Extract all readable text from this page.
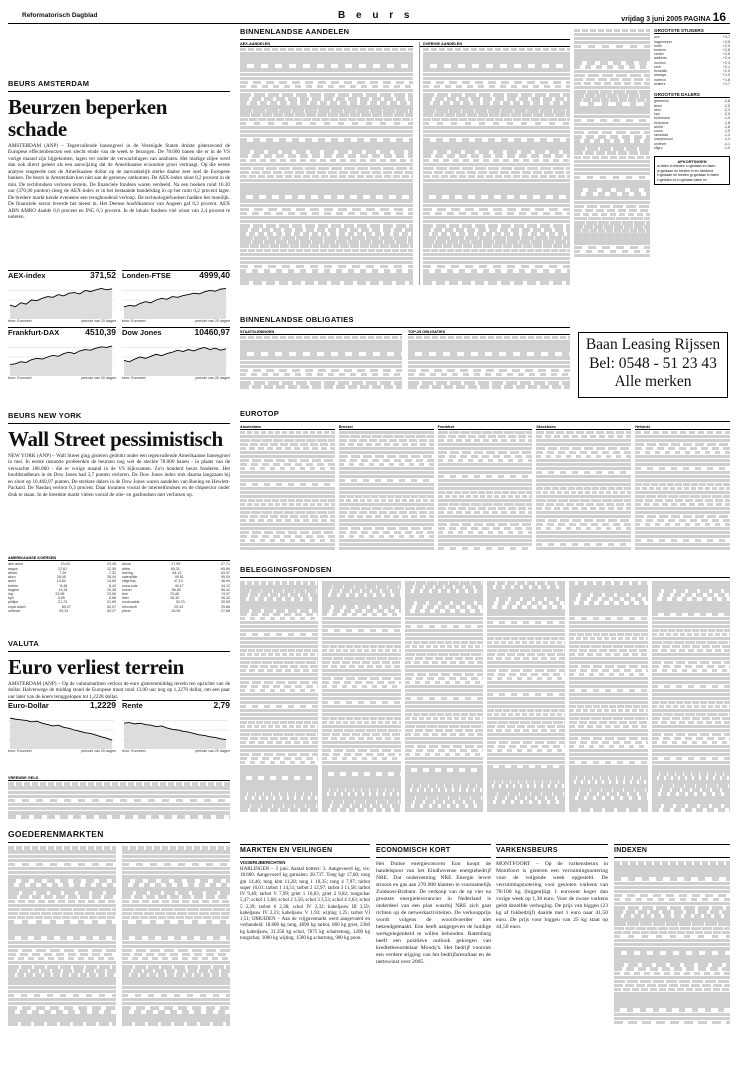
Reformatorisch Dagblad	B e u r s	vrijdag 3 juni 2005 PAGINA 16
BEURS AMSTERDAM
Beurzen beperken schade
AMSTERDAM (ANP) – Tegenvallende banengroei in de Verenigde Staten drukte gisteravond de Europese effectenbeurzen een slecht einde van de week te bezorgen. De 78.000 banen die er in de VS vorige maand zijn bijgekomen, lagen ver onder de verwachtingen van analisten. Het markge ziljee werd dan ook direct geleen als een aanwijzing dat de Amerikaanse economie groei vertraagt. Op die eerste analyse reageerde ook de Amerikaanse dollar op de aanvankelijk sterke daalse zeer snel de Europese banken. De beurs in Amsterdam kon niet aan de geroeuw ontkomen. De AEX-index sloot 0,2 procent in de min. De techfondsen verloren terrein. De financiele fondsen waren verdeeld. Na een hoeken rond 16.30 uur (370,40 punten) sloeg de AEX-index er in het bestaande handelsdag in op het ruim 0,2 procent lager. De bredere markt kende eveneens een terughoudend verloop. De technologiefondsen hadden het moeilijk. De financiele sector leverde het meest in. Het Deense hoofdkantoor van Angeen gaf 0,2 procent. AEX ABN AMRO daalde 0,6 procent en ING 0,3 procent. In de lokale fondsen viel winst van 2,4 procent te noteren.
AEX-index	371,52
bron: Euronext	periode van 20 dagen
Londen-FTSE	4999,40
bron: Euronext	periode van 20 dagen
Frankfurt-DAX	4510,39
bron: Euronext	periode van 20 dagen
Dow Jones	10460,97
bron: Euronext	periode van 20 dagen
BEURS NEW YORK
Wall Street pessimistisch
NEW YORK (ANP) – Wall Street ging gisteren gedrukt onder een tegenvallende Amerikaanse banengroei in mei. In eerste instantie probeerden de beurzen nog wel de slechte 78.000 banen - in plaats van de verwachte 186.000 - die er vorige maand in de VS bijkwamen. Zo'n honderd beurs fonderen. Het hoofdstadbeurs in de Dow Jones had 3,7 punten verloren. De Dow Jones index trok daarna langzaam bij en sloot op 10.460,97 punten. De sterkste dalers in de Dow Jones waren aandelen van Boeing en Hewlett-Packard. De Nasdaq verloor 0,3 procent. Daar kwamen vooral de internetfondsen en de chipsector onder druk te staan. In de breedste markt vielen vooral de olie- en gasfondsen met verliezen op.
AMERIKAANSE KOERSEN
abn amro	23,43	23,45
aegon	12,61	12,59
ahold	7,39	7,32
akzo	28,45	28,44
asml	14,83	14,89
buhrm	8,48	8,43
hagem	15,34	15,36
ing	23,98	23,96
kpn	6,85	6,86
philips	21,73	21,69
royal dutch	60,07	60,07
unilever	53,24	53,27
alcoa	27,95	27,71
altria	65,31	65,66
boeing	64,13	63,97
caterpillar	95,51	95,05
citigroup	47,10	46,94
coca-cola	44,17	44,12
exxon	56,60	56,44
ibm	75,48	74,97
intel	26,30	26,33
mcdonalds	30,70	30,55
microsoft	25,43	25,88
pfizer	28,05	27,88
VALUTA
Euro verliest terrein
AMSTERDAM (ANP) – Op de valutamarkten verloor de euro gisterenmiddag terrein ten opzichte van de dollar. Halverwege de middag stond de Europese munt rond 13.00 uur nog op 1,2270 dollar, om een paar uur later van de koers teruggelopen tot 1,2228 dollar.
Euro-Dollar	1,2229
bron: Euronext	periode van 20 dagen
Rente	2,79
bron: Euronext	periode van 20 dagen
VREEMDE GELD
GOEDERENMARKTEN
BINNENLANDSE AANDELEN
AEX-AANDELEN	OVERIGE AANDELEN
GROOTSTE STIJGERS
oce	+3,7
hagemeyer	+3,6
fortis	+2,9
tomtom	+2,8
vedior	+2,6
aalberts	+2,4
numico	+2,3
smit	+2,1
boskalis	+2,0
neways	+1,9
nutreco	+1,8
wolters	+1,7
GROOTSTE DALERS
getronics	-2,8
asmi	-2,5
besi	-2,3
kpn	-2,0
buhrmann	-1,9
heijmans	-1,8
ahold	-1,6
corus	-1,5
randstad	-1,3
oranjewoud	-1,2
unilever	-1,1
sligro	-1,0
AFKORTINGEN
a=laten b=bieden c=gedaan en laten d=gedaan en bieden e=ex dividend f=gedaan en bieden g=gedaan h=laten i=gelaten ex k=gedaan laten ex
BINNENLANDSE OBLIGATIES
STAATSLENINGEN	TOP-25 OBLIGATIES
Baan Leasing Rijssen
Bel: 0548 - 51 23 43
Alle merken
EUROTOP
Amsterdam	Brussel	Frankfurt	Stockholm	Helsinki
BELEGGINGSFONDSEN
MARKTEN EN VEILINGEN
VISSERIJBERICHTEN
HARLINGEN – 3 juni. Aantal kotters: 3. Aangevoerd kg, vis: 18.600. Aangevoerd kg garnalen: 28.737. Tong kgr 17,80; tong gm 14,46; tong klm 11,28; tong 1 10,35; tong 4 7,97; tarbot super 16,01; tarbot 1 14,51; tarbot 2 12,97; tarbot 3 11,58; tarbot IV 9,40; tarbot V 7,99; griet 1 10,83; griet 2 9,82; tongschar 5,47; schol 1 3,68; schol 2 3,56; schol 3 3,53; schol 4 3,63; schol 5 2,39; tarbot 6 2,38; schol IV 2,32; kabeljauw III 3,59; kabeljauw IV 2,23; kabeljauw V 1,93; wijting 1,25; tarbot VI 1,51; IJMUIDEN – Aan de vrijgavemarkt werd aangevoerd en verhandeld: 18.800 kg tong, 4690 kg tarbot, 860 kg griet, 2360 kg kabeljauw, 31.350 kg schol, 7875 kg scharretong, 1200 kg tongschar, 1800 kg wijting, 1500 kg schartong, 900 kg poon.
ECONOMISCH KORT
Het Duitse energieconcern Eon koopt de handelspoot van het Eindhovense energiebedrijf NRE. Dat onderneming NRE Energie levert stroom en gas aan 270.000 klanten in voornamelijk Zuidoost-Brabant. De verkoop van de op vier na grootste energieleverancier in Nederland is onderdeel van een plan waarbij NRE zich gaat richten op de netwerkactiviteiten. De verkoopprijs wordt volgens de woordvoerder niet bekendgemaakt. Eon heeft aangegeven de huidige werkgelegenheid te willen behouden. Ratenburg heeft een positieve outlook gekregen van kredietbeoordelaar Moody's. Het bedrijf voorziet een verdere stijging van het bedrijfsresultaat en de nettowinst over 2005.
VARKENSBEURS
MONTFOORT – Op de varkensbeurs in Montfoort is gisteren een verruimingsnotering voor de volgende week opgesteld. De verruimingsnotering voor gesloten varkens van 78/100 kg (biggen)ligt 1 eurocent hoger dan vorige week op 1,36 euro. Voor de zware varkens geldt dezelfde verhoging. De prijs van biggen (23 kg af fokbedrijf) daalde met 1 euro naar 41,50 euro. De prijs voor biggen van 25 kg staat op 44,50 euro.
INDEXEN
